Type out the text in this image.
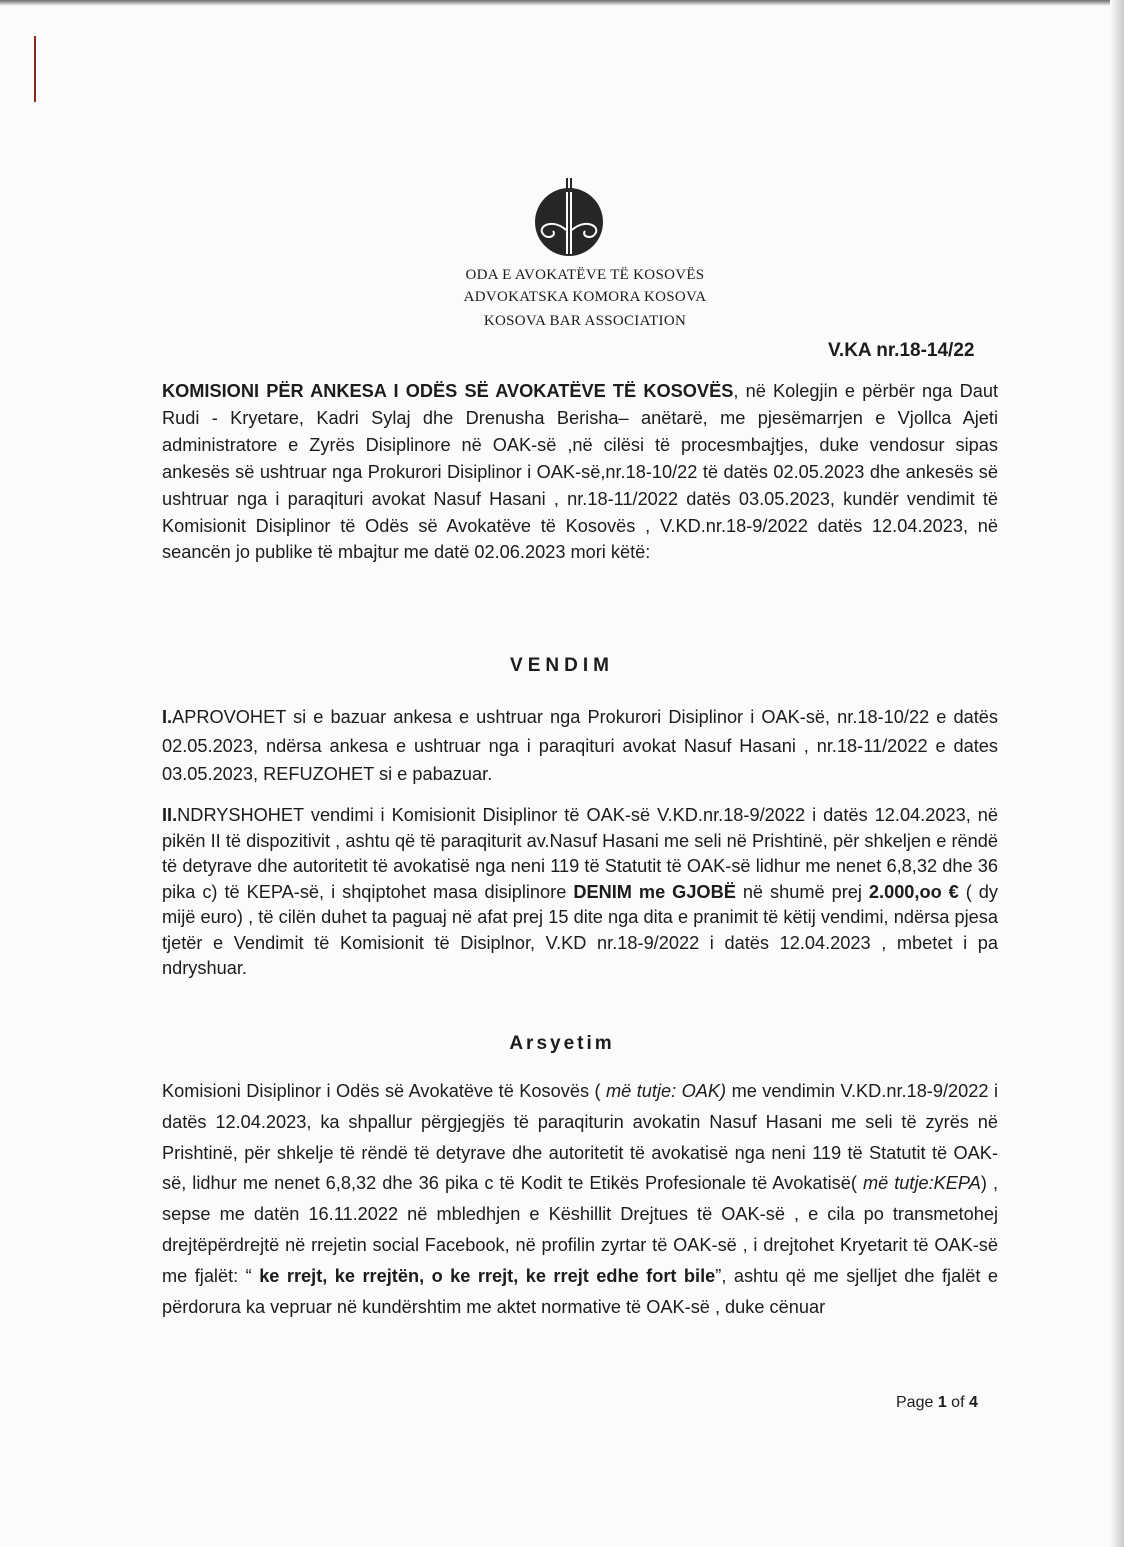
ODA E AVOKATËVE TË KOSOVËS
ADVOKATSKA KOMORA KOSOVA
KOSOVA BAR ASSOCIATION
V.KA nr.18-14/22

KOMISIONI PËR ANKESA I ODËS SË AVOKATËVE TË KOSOVËS, në Kolegjin e përbër nga Daut Rudi - Kryetare, Kadri Sylaj dhe Drenusha Berisha– anëtarë, me pjesëmarrjen e Vjollca Ajeti administratore e Zyrës Disiplinore në OAK-së ,në cilësi të procesmbajtjes, duke vendosur sipas ankesës së ushtruar nga Prokurori Disiplinor i OAK-së,nr.18-10/22 të datës 02.05.2023 dhe ankesës së ushtruar nga i paraqituri avokat Nasuf Hasani , nr.18-11/2022 datës 03.05.2023, kundër vendimit të Komisionit Disiplinor të Odës së Avokatëve të Kosovës , V.KD.nr.18-9/2022 datës 12.04.2023, në seancën jo publike të mbajtur me datë 02.06.2023 mori këtë:

VENDIM

I.APROVOHET si e bazuar ankesa e ushtruar nga Prokurori Disiplinor i OAK-së, nr.18-10/22 e datës 02.05.2023, ndërsa ankesa e ushtruar nga i paraqituri avokat Nasuf Hasani , nr.18-11/2022 e dates 03.05.2023, REFUZOHET si e pabazuar.

II.NDRYSHOHET vendimi i Komisionit Disiplinor të OAK-së V.KD.nr.18-9/2022 i datës 12.04.2023, në pikën II të dispozitivit , ashtu që të paraqiturit av.Nasuf Hasani me seli në Prishtinë, për shkeljen e rëndë të detyrave dhe autoritetit të avokatisë nga neni 119 të Statutit të OAK-së lidhur me nenet 6,8,32 dhe 36 pika c) të KEPA-së, i shqiptohet masa disiplinore DENIM me GJOBË në shumë prej 2.000,oo € ( dy mijë euro) , të cilën duhet ta paguaj në afat prej 15 dite nga dita e pranimit të këtij vendimi, ndërsa pjesa tjetër e Vendimit të Komisionit të Disiplnor, V.KD nr.18-9/2022 i datës 12.04.2023 , mbetet i pa ndryshuar.

Arsyetim

Komisioni Disiplinor i Odës së Avokatëve të Kosovës ( më tutje: OAK) me vendimin V.KD.nr.18-9/2022 i datës 12.04.2023, ka shpallur përgjegjës të paraqiturin avokatin Nasuf Hasani me seli të zyrës në Prishtinë, për shkelje të rëndë të detyrave dhe autoritetit të avokatisë nga neni 119 të Statutit të OAK-së, lidhur me nenet 6,8,32 dhe 36 pika c të Kodit te Etikës Profesionale të Avokatisë( më tutje:KEPA) , sepse me datën 16.11.2022 në mbledhjen e Këshillit Drejtues të OAK-së , e cila po transmetohej drejtëpërdrejtë në rrejetin social Facebook, në profilin zyrtar të OAK-së , i drejtohet Kryetarit të OAK-së me fjalët: “ ke rrejt, ke rrejtën, o ke rrejt, ke rrejt edhe fort bile”, ashtu që me sjelljet dhe fjalët e përdorura ka vepruar në kundërshtim me aktet normative të OAK-së , duke cënuar

Page 1 of 4
